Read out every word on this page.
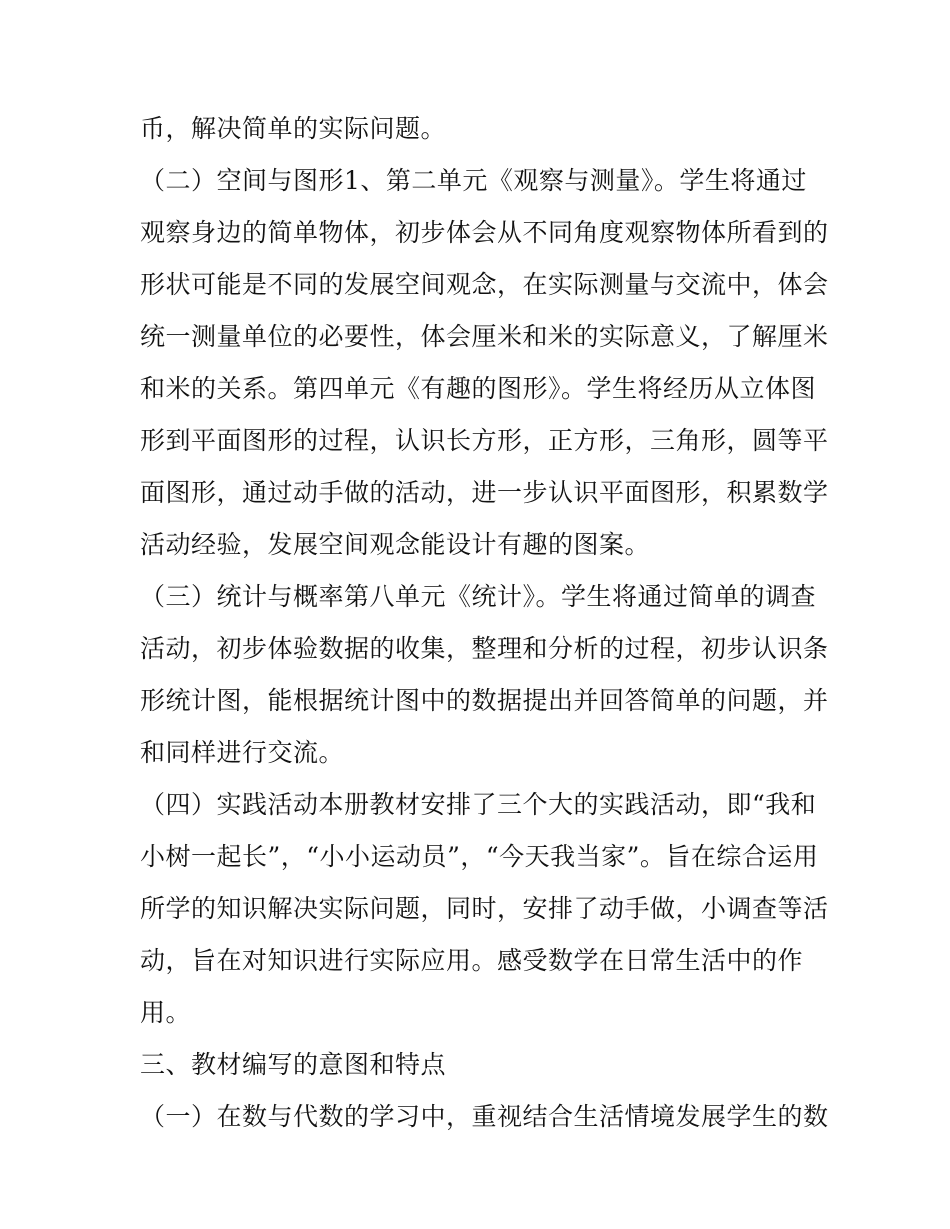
币，解决简单的实际问题。
（二）空间与图形1、第二单元《观察与测量》。学生将通过
观察身边的简单物体，初步体会从不同角度观察物体所看到的
形状可能是不同的发展空间观念，在实际测量与交流中，体会
统一测量单位的必要性，体会厘米和米的实际意义，了解厘米
和米的关系。第四单元《有趣的图形》。学生将经历从立体图
形到平面图形的过程，认识长方形，正方形，三角形，圆等平
面图形，通过动手做的活动，进一步认识平面图形，积累数学
活动经验，发展空间观念能设计有趣的图案。
（三）统计与概率第八单元《统计》。学生将通过简单的调查
活动，初步体验数据的收集，整理和分析的过程，初步认识条
形统计图，能根据统计图中的数据提出并回答简单的问题，并
和同样进行交流。
（四）实践活动本册教材安排了三个大的实践活动，即“我和
小树一起长”，“小小运动员”，“今天我当家”。旨在综合运用
所学的知识解决实际问题，同时，安排了动手做，小调查等活
动，旨在对知识进行实际应用。感受数学在日常生活中的作
用。
三、教材编写的意图和特点
（一）在数与代数的学习中，重视结合生活情境发展学生的数
